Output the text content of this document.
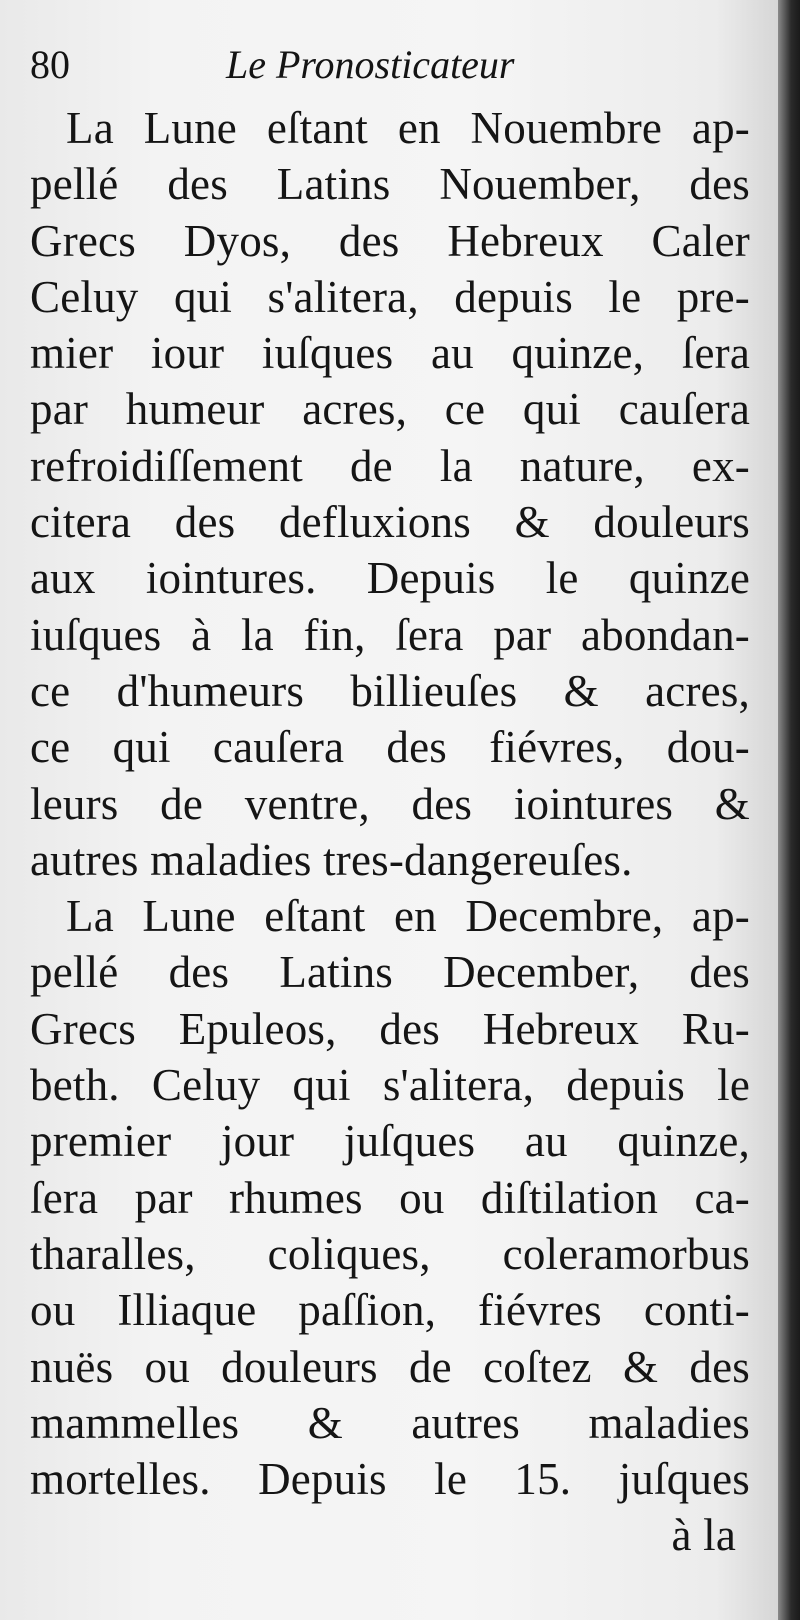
80	Le Pronosticateur
La Lune eſtant en Nouembre ap-
pellé des Latins Nouember, des
Grecs Dyos, des Hebreux Caler
Celuy qui s'alitera, depuis le pre-
mier iour iuſques au quinze, ſera
par humeur acres, ce qui cauſera
refroidiſſement de la nature, ex-
citera des defluxions & douleurs
aux iointures. Depuis le quinze
iuſques à la fin, ſera par abondan-
ce d'humeurs billieuſes & acres,
ce qui cauſera des fiévres, dou-
leurs de ventre, des iointures &
autres maladies tres-dangereuſes.
La Lune eſtant en Decembre, ap-
pellé des Latins December, des
Grecs Epuleos, des Hebreux Ru-
beth. Celuy qui s'alitera, depuis le
premier jour juſques au quinze,
ſera par rhumes ou diſtilation ca-
tharalles, coliques, coleramorbus
ou Illiaque paſſion, fiévres conti-
nuës ou douleurs de coſtez & des
mammelles & autres maladies
mortelles. Depuis le 15. juſques
à la
